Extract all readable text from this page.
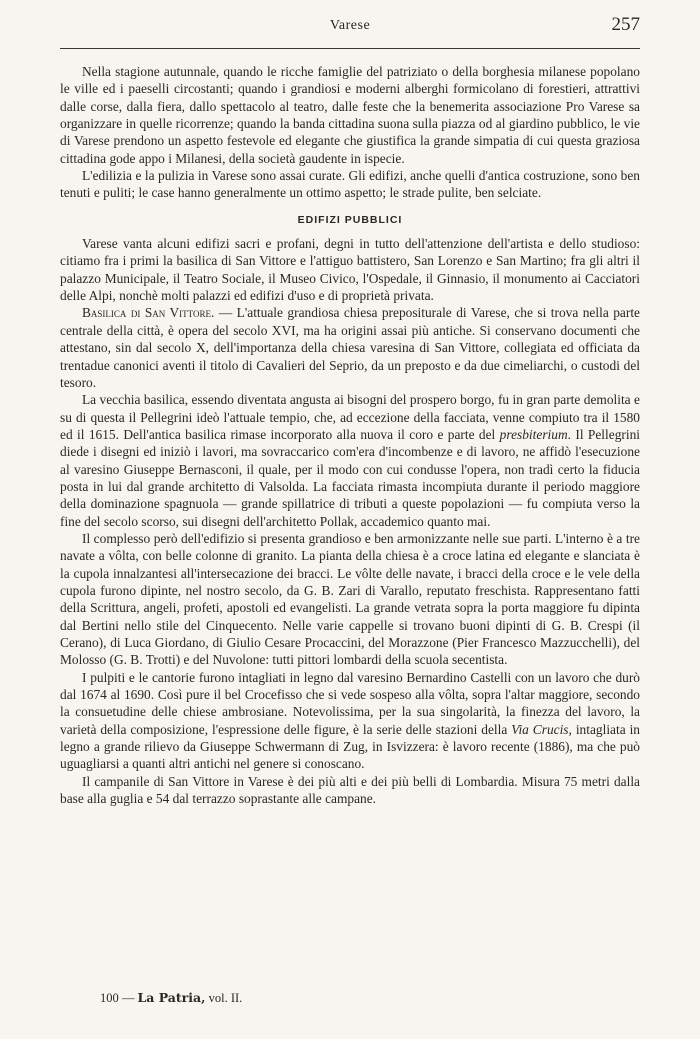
Varese	257

Nella stagione autunnale, quando le ricche famiglie del patriziato o della borghesia milanese popolano le ville ed i paeselli circostanti; quando i grandiosi e moderni alberghi formicolano di forestieri, attrattivi dalle corse, dalla fiera, dallo spettacolo al teatro, dalle feste che la benemerita associazione Pro Varese sa organizzare in quelle ricorrenze; quando la banda cittadina suona sulla piazza od al giardino pubblico, le vie di Varese prendono un aspetto festevole ed elegante che giustifica la grande simpatia di cui questa graziosa cittadina gode appo i Milanesi, della società gaudente in ispecie.

L'edilizia e la pulizia in Varese sono assai curate. Gli edifizi, anche quelli d'antica costruzione, sono ben tenuti e puliti; le case hanno generalmente un ottimo aspetto; le strade pulite, ben selciate.

EDIFIZI PUBBLICI

Varese vanta alcuni edifizi sacri e profani, degni in tutto dell'attenzione dell'artista e dello studioso: citiamo fra i primi la basilica di San Vittore e l'attiguo battistero, San Lorenzo e San Martino; fra gli altri il palazzo Municipale, il Teatro Sociale, il Museo Civico, l'Ospedale, il Ginnasio, il monumento ai Cacciatori delle Alpi, nonchè molti palazzi ed edifizi d'uso e di proprietà privata.

Basilica di San Vittore. — L'attuale grandiosa chiesa prepositurale di Varese, che si trova nella parte centrale della città, è opera del secolo XVI, ma ha origini assai più antiche. Si conservano documenti che attestano, sin dal secolo X, dell'importanza della chiesa varesina di San Vittore, collegiata ed officiata da trentadue canonici aventi il titolo di Cavalieri del Seprio, da un preposto e da due cimeliarchi, o custodi del tesoro.

La vecchia basilica, essendo diventata angusta ai bisogni del prospero borgo, fu in gran parte demolita e su di questa il Pellegrini ideò l'attuale tempio, che, ad eccezione della facciata, venne compiuto tra il 1580 ed il 1615. Dell'antica basilica rimase incorporato alla nuova il coro e parte del presbiterium. Il Pellegrini diede i disegni ed iniziò i lavori, ma sovraccarico com'era d'incombenze e di lavoro, ne affidò l'esecuzione al varesino Giuseppe Bernasconi, il quale, per il modo con cui condusse l'opera, non tradì certo la fiducia posta in lui dal grande architetto di Valsolda. La facciata rimasta incompiuta durante il periodo maggiore della dominazione spagnuola — grande spillatrice di tributi a queste popolazioni — fu compiuta verso la fine del secolo scorso, sui disegni dell'architetto Pollak, accademico quanto mai.

Il complesso però dell'edifizio si presenta grandioso e ben armonizzante nelle sue parti. L'interno è a tre navate a vôlta, con belle colonne di granito. La pianta della chiesa è a croce latina ed elegante e slanciata è la cupola innalzantesi all'intersecazione dei bracci. Le vôlte delle navate, i bracci della croce e le vele della cupola furono dipinte, nel nostro secolo, da G. B. Zari di Varallo, reputato freschista. Rappresentano fatti della Scrittura, angeli, profeti, apostoli ed evangelisti. La grande vetrata sopra la porta maggiore fu dipinta dal Bertini nello stile del Cinquecento. Nelle varie cappelle si trovano buoni dipinti di G. B. Crespi (il Cerano), di Luca Giordano, di Giulio Cesare Procaccini, del Morazzone (Pier Francesco Mazzucchelli), del Molosso (G. B. Trotti) e del Nuvolone: tutti pittori lombardi della scuola secentista.

I pulpiti e le cantorie furono intagliati in legno dal varesino Bernardino Castelli con un lavoro che durò dal 1674 al 1690. Così pure il bel Crocefisso che si vede sospeso alla vôlta, sopra l'altar maggiore, secondo la consuetudine delle chiese ambrosiane. Notevolissima, per la sua singolarità, la finezza del lavoro, la varietà della composizione, l'espressione delle figure, è la serie delle stazioni della Via Crucis, intagliata in legno a grande rilievo da Giuseppe Schwermann di Zug, in Isvizzera: è lavoro recente (1886), ma che può uguagliarsi a quanti altri antichi nel genere si conoscano.

Il campanile di San Vittore in Varese è dei più alti e dei più belli di Lombardia. Misura 75 metri dalla base alla guglia e 54 dal terrazzo soprastante alle campane.

100 — La Patria, vol. II.
